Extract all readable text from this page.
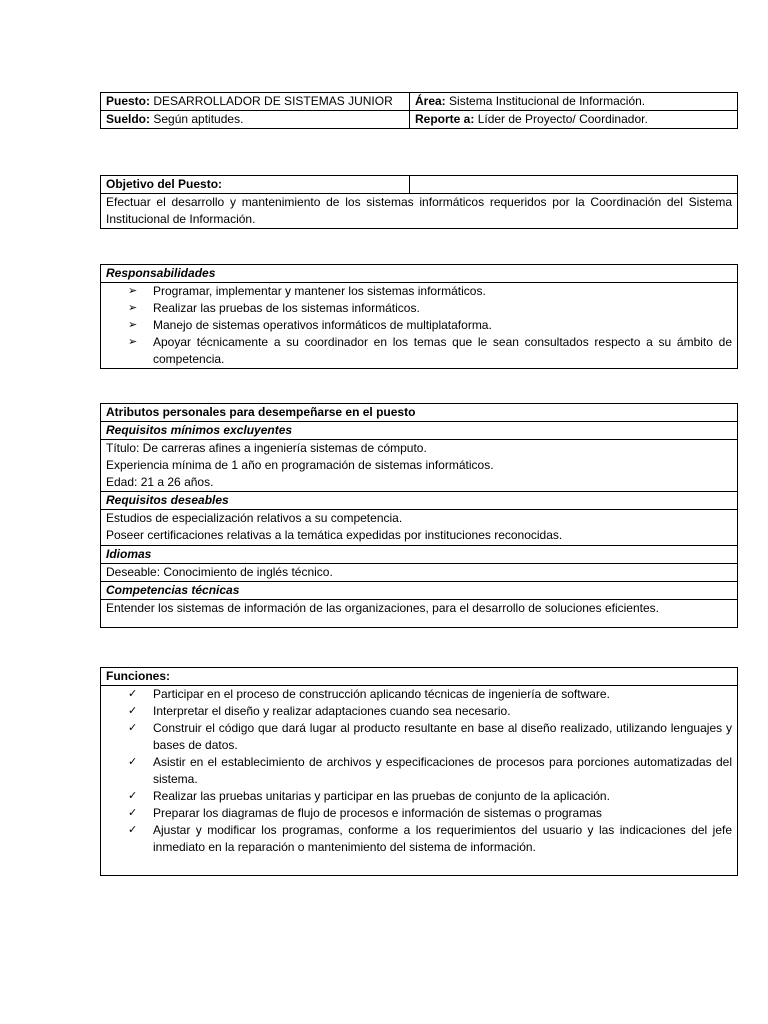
Puesto: DESARROLLADOR DE SISTEMAS JUNIOR	Área: Sistema Institucional de Información.
Sueldo: Según aptitudes.	Reporte a: Líder de Proyecto/ Coordinador.
Objetivo del Puesto:
Efectuar el desarrollo y mantenimiento de los sistemas informáticos requeridos por la Coordinación del Sistema Institucional de Información.
Responsabilidades
➢ Programar, implementar y mantener los sistemas informáticos.
➢ Realizar las pruebas de los sistemas informáticos.
➢ Manejo de sistemas operativos informáticos de multiplataforma.
➢ Apoyar técnicamente a su coordinador en los temas que le sean consultados respecto a su ámbito de competencia.
Atributos personales para desempeñarse en el puesto
Requisitos mínimos excluyentes
Título: De carreras afines a ingeniería sistemas de cómputo.
Experiencia mínima de 1 año en programación de sistemas informáticos.
Edad: 21 a 26 años.
Requisitos deseables
Estudios de especialización relativos a su competencia.
Poseer certificaciones relativas a la temática expedidas por instituciones reconocidas.
Idiomas
Deseable: Conocimiento de inglés técnico.
Competencias técnicas
Entender los sistemas de información de las organizaciones, para el desarrollo de soluciones eficientes.
Funciones:
✓ Participar en el proceso de construcción aplicando técnicas de ingeniería de software.
✓ Interpretar el diseño y realizar adaptaciones cuando sea necesario.
✓ Construir el código que dará lugar al producto resultante en base al diseño realizado, utilizando lenguajes y bases de datos.
✓ Asistir en el establecimiento de archivos y especificaciones de procesos para porciones automatizadas del sistema.
✓ Realizar las pruebas unitarias y participar en las pruebas de conjunto de la aplicación.
✓ Preparar los diagramas de flujo de procesos e información de sistemas o programas
✓ Ajustar y modificar los programas, conforme a los requerimientos del usuario y las indicaciones del jefe inmediato en la reparación o mantenimiento del sistema de información.
